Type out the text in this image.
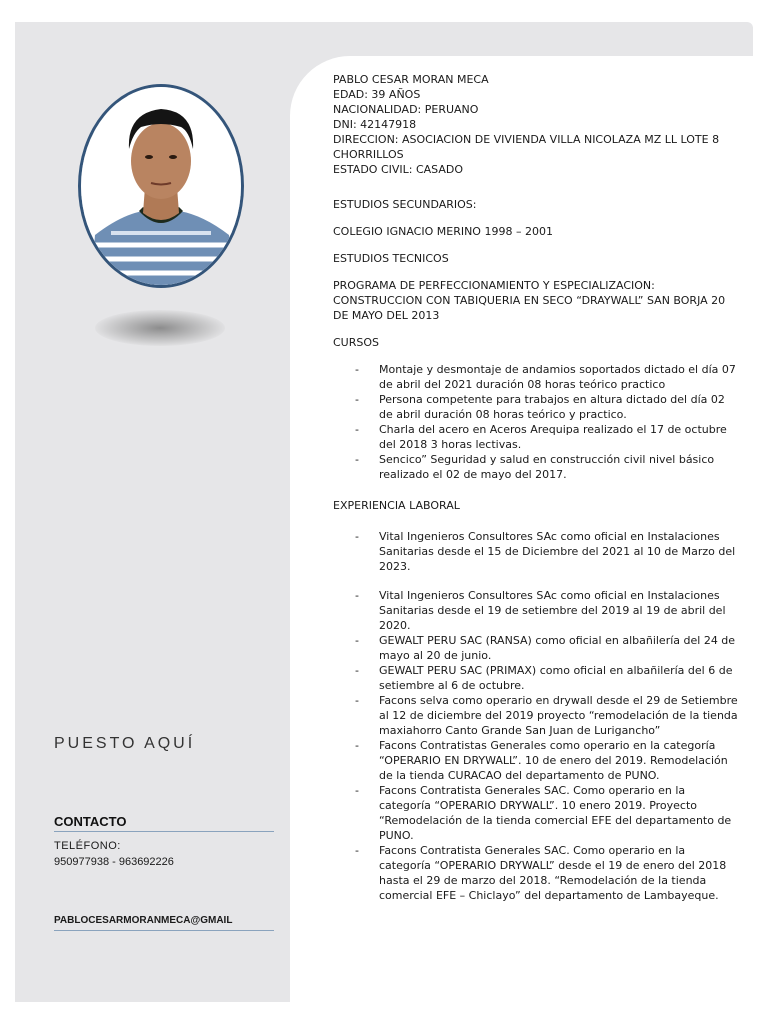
PUESTO AQUÍ
CONTACTO
TELÉFONO:
950977938 - 963692226
PABLOCESARMORANMECA@GMAIL

PABLO CESAR MORAN MECA

EDAD: 39 AÑOS

NACIONALIDAD: PERUANO

DNI: 42147918

DIRECCION: ASOCIACION DE VIVIENDA VILLA NICOLAZA MZ LL LOTE 8 CHORRILLOS

ESTADO CIVIL: CASADO

ESTUDIOS SECUNDARIOS:

COLEGIO IGNACIO MERINO 1998 – 2001

ESTUDIOS TECNICOS

PROGRAMA DE PERFECCIONAMIENTO Y ESPECIALIZACION: CONSTRUCCION CON TABIQUERIA EN SECO “DRAYWALL” SAN BORJA 20 DE MAYO DEL 2013

CURSOS

- Montaje y desmontaje de andamios soportados dictado el día 07 de abril del 2021 duración 08 horas teórico practico
- Persona competente para trabajos en altura dictado del día 02 de abril duración 08 horas teórico y practico.
- Charla del acero en Aceros Arequipa realizado el 17 de octubre del 2018 3 horas lectivas.
- Sencico” Seguridad y salud en construcción civil nivel básico realizado el 02 de mayo del 2017.

EXPERIENCIA LABORAL

- Vital Ingenieros Consultores SAc como oficial en Instalaciones Sanitarias desde el 15 de Diciembre del 2021 al 10 de Marzo del 2023.
- Vital Ingenieros Consultores SAc como oficial en Instalaciones Sanitarias desde el 19 de setiembre del 2019 al 19 de abril del 2020.
- GEWALT PERU SAC (RANSA) como oficial en albañilería del 24 de mayo al 20 de junio.
- GEWALT PERU SAC (PRIMAX) como oficial en albañilería del 6 de setiembre al 6 de octubre.
- Facons selva como operario en drywall desde el 29 de Setiembre al 12 de diciembre del 2019 proyecto “remodelación de la tienda maxiahorro Canto Grande San Juan de Lurigancho”
- Facons Contratistas Generales como operario en la categoría “OPERARIO EN DRYWALL”. 10 de enero del 2019. Remodelación de la tienda CURACAO del departamento de PUNO.
- Facons Contratista Generales SAC. Como operario en la categoría “OPERARIO DRYWALL”. 10 enero 2019. Proyecto “Remodelación de la tienda comercial EFE del departamento de PUNO.
- Facons Contratista Generales SAC. Como operario en la categoría “OPERARIO DRYWALL” desde el 19 de enero del 2018 hasta el 29 de marzo del 2018. “Remodelación de la tienda comercial EFE – Chiclayo” del departamento de Lambayeque.
